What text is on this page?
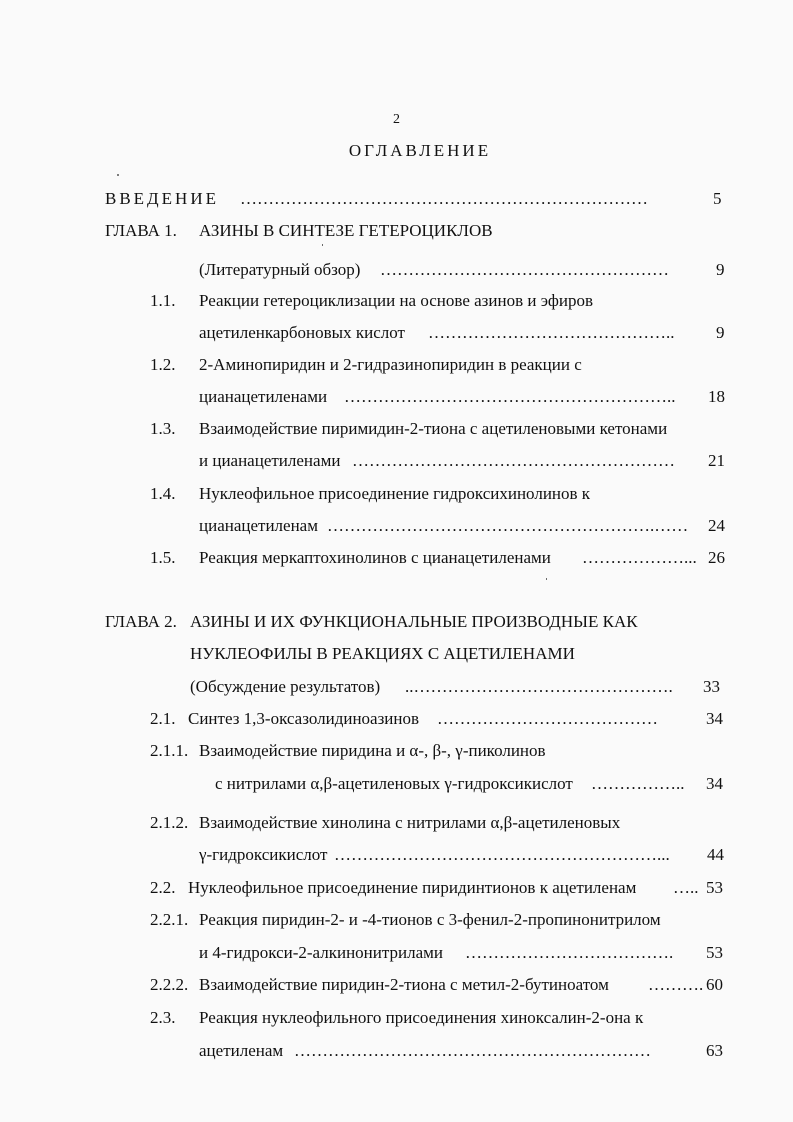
2
ОГЛАВЛЕНИЕ
ВВЕДЕНИЕ ………………………………………………………………	5
ГЛАВА 1. АЗИНЫ В СИНТЕЗЕ ГЕТЕРОЦИКЛОВ
(Литературный обзор) ……………………………………………	9
1.1. Реакции гетероциклизации на основе азинов и эфиров
ацетиленкарбоновых кислот ……………………………………..	9
1.2. 2-Аминопиридин и 2-гидразинопиридин в реакции с
цианацетиленами …………………………………………………..	18
1.3. Взаимодействие пиримидин-2-тиона с ацетиленовыми кетонами
и цианацетиленами …………………………………………………	21
1.4. Нуклеофильное присоединение гидроксихинолинов к
цианацетиленам ………………………………………………….……	24
1.5. Реакция меркаптохинолинов с цианацетиленами ………………... 26
ГЛАВА 2. АЗИНЫ И ИХ ФУНКЦИОНАЛЬНЫЕ ПРОИЗВОДНЫЕ КАК
НУКЛЕОФИЛЫ В РЕАКЦИЯХ С АЦЕТИЛЕНАМИ
(Обсуждение результатов) ..……………………………………….	33
2.1. Синтез 1,3-оксазолидиноазинов …………………………………	34
2.1.1. Взаимодействие пиридина и α-, β-, γ-пиколинов
с нитрилами α,β-ацетиленовых γ-гидроксикислот ……………..	34
2.1.2. Взаимодействие хинолина с нитрилами α,β-ацетиленовых
γ-гидроксикислот …………………………………………………...	44
2.2. Нуклеофильное присоединение пиридинтионов к ацетиленам ….. 53
2.2.1. Реакция пиридин-2- и -4-тионов с 3-фенил-2-пропинонитрилом
и 4-гидрокси-2-алкинонитрилами ……………………………….	53
2.2.2. Взаимодействие пиридин-2-тиона с метил-2-бутиноатом ………. 60
2.3. Реакция нуклеофильного присоединения хиноксалин-2-она к
ацетиленам ………………………………………………………	63
